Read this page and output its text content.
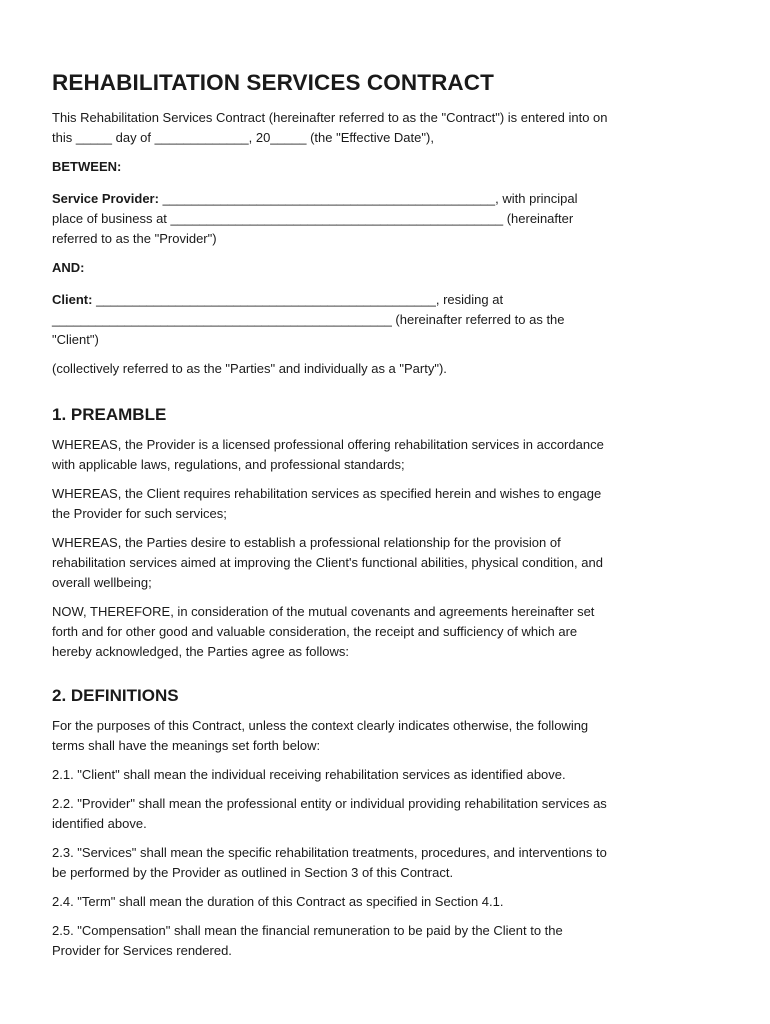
REHABILITATION SERVICES CONTRACT

This Rehabilitation Services Contract (hereinafter referred to as the "Contract") is entered into on
this _____ day of _____________, 20_____ (the "Effective Date"),

BETWEEN:

Service Provider: ______________________________________________, with principal
place of business at ______________________________________________ (hereinafter
referred to as the "Provider")

AND:

Client: _______________________________________________, residing at
_______________________________________________ (hereinafter referred to as the
"Client")

(collectively referred to as the "Parties" and individually as a "Party").

1. PREAMBLE

WHEREAS, the Provider is a licensed professional offering rehabilitation services in accordance
with applicable laws, regulations, and professional standards;

WHEREAS, the Client requires rehabilitation services as specified herein and wishes to engage
the Provider for such services;

WHEREAS, the Parties desire to establish a professional relationship for the provision of
rehabilitation services aimed at improving the Client's functional abilities, physical condition, and
overall wellbeing;

NOW, THEREFORE, in consideration of the mutual covenants and agreements hereinafter set
forth and for other good and valuable consideration, the receipt and sufficiency of which are
hereby acknowledged, the Parties agree as follows:

2. DEFINITIONS

For the purposes of this Contract, unless the context clearly indicates otherwise, the following
terms shall have the meanings set forth below:

2.1. "Client" shall mean the individual receiving rehabilitation services as identified above.

2.2. "Provider" shall mean the professional entity or individual providing rehabilitation services as
identified above.

2.3. "Services" shall mean the specific rehabilitation treatments, procedures, and interventions to
be performed by the Provider as outlined in Section 3 of this Contract.

2.4. "Term" shall mean the duration of this Contract as specified in Section 4.1.

2.5. "Compensation" shall mean the financial remuneration to be paid by the Client to the
Provider for Services rendered.
